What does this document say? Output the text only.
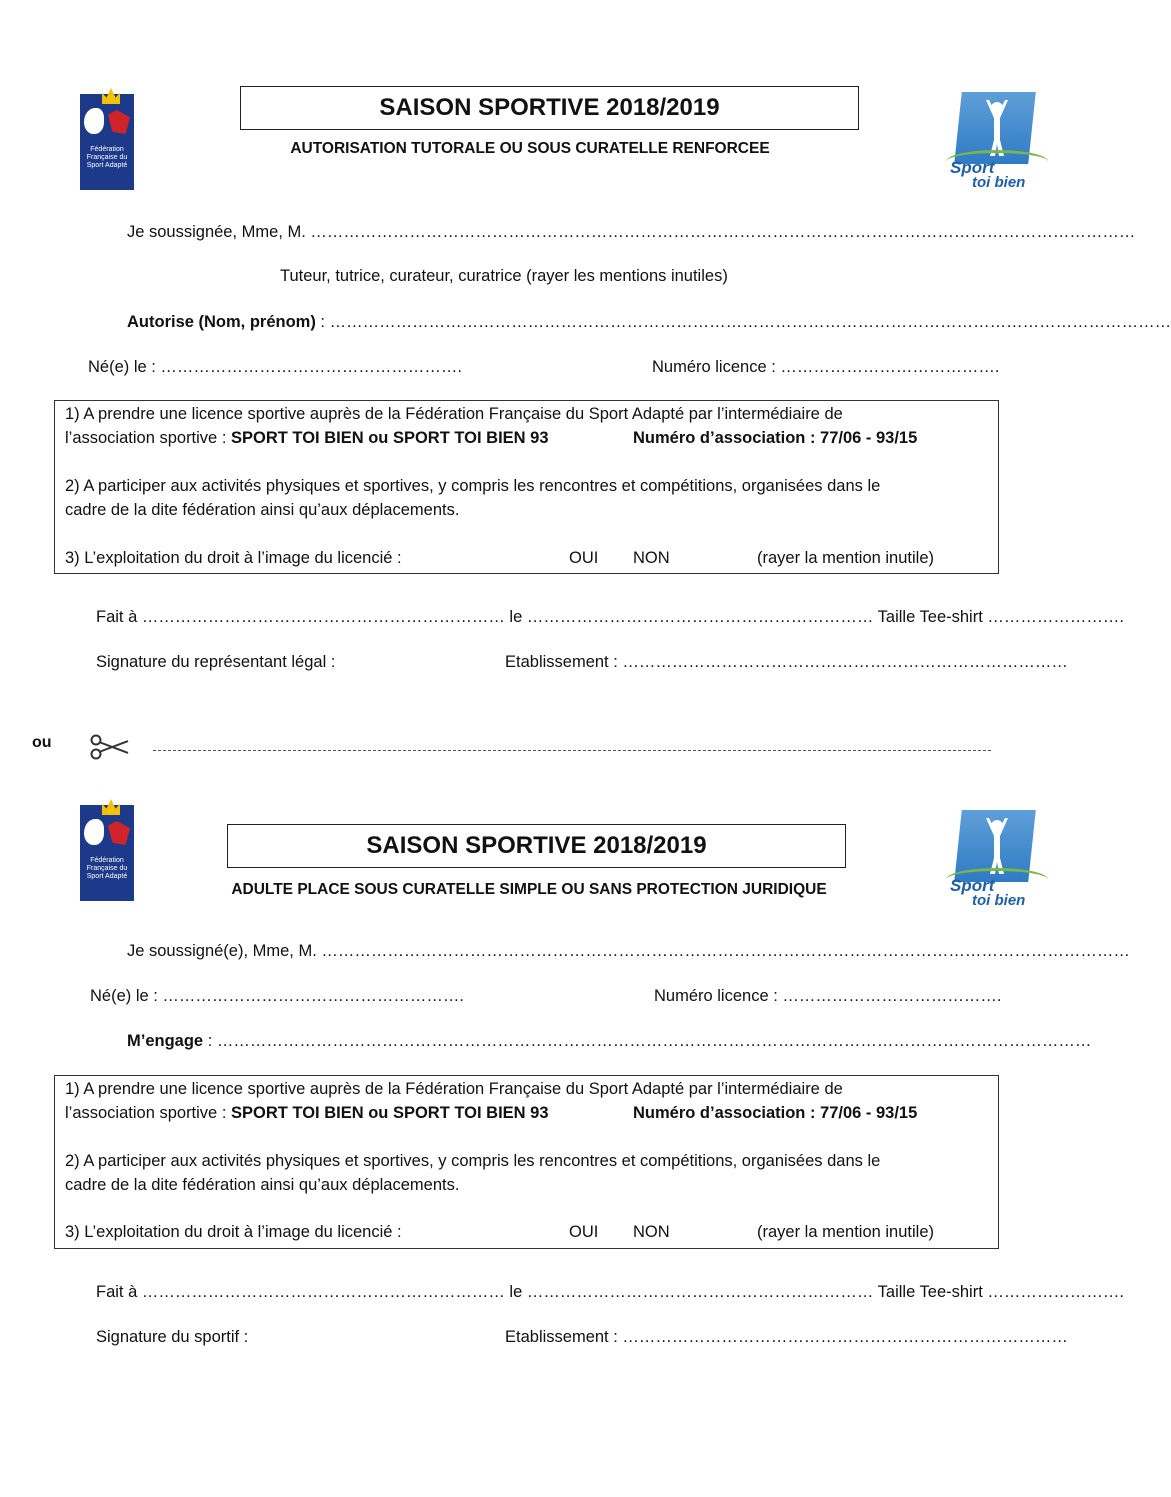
Fédération Française du Sport Adapté
SAISON SPORTIVE 2018/2019
AUTORISATION TUTORALE OU SOUS CURATELLE RENFORCEE
Sport
toi bien
Je soussignée, Mme, M. ……………………………………………………………………………………………………………………………………
Tuteur, tutrice, curateur, curatrice (rayer les mentions inutiles)
Autorise (Nom, prénom) : ………………………………………………………………………………………………………………………………………
Né(e) le : ……………………………………………….	Numéro licence : ………………………………….
1) A prendre une licence sportive auprès de la Fédération Française du Sport Adapté par l’intermédiaire de
l’association sportive : SPORT TOI BIEN ou SPORT TOI BIEN 93	Numéro d’association : 77/06 - 93/15
2) A participer aux activités physiques et sportives, y compris les rencontres et compétitions, organisées dans le
cadre de la dite fédération ainsi qu’aux déplacements.
3) L’exploitation du droit à l’image du licencié :	OUI NON	(rayer la mention inutile)
Fait à ………………………………………………………… le ……………………………………………………… Taille Tee-shirt …………………….
Signature du représentant légal :	Etablissement : ………………………………………………………………………
ou
Fédération Française du Sport Adapté
SAISON SPORTIVE 2018/2019
ADULTE PLACE SOUS CURATELLE SIMPLE OU SANS PROTECTION JURIDIQUE	Sport
toi bien
Je soussigné(e), Mme, M. …………………………………………………………………………………………………………………………………
Né(e) le : ……………………………………………….	Numéro licence : ………………………………….
M’engage : ……………………………………………………………………………………………………………………………………………
1) A prendre une licence sportive auprès de la Fédération Française du Sport Adapté par l’intermédiaire de
l’association sportive : SPORT TOI BIEN ou SPORT TOI BIEN 93	Numéro d’association : 77/06 - 93/15
2) A participer aux activités physiques et sportives, y compris les rencontres et compétitions, organisées dans le
cadre de la dite fédération ainsi qu’aux déplacements.
3) L’exploitation du droit à l’image du licencié :	OUI NON	(rayer la mention inutile)
Fait à ………………………………………………………… le ……………………………………………………… Taille Tee-shirt …………………….
Signature du sportif :	Etablissement : ………………………………………………………………………
